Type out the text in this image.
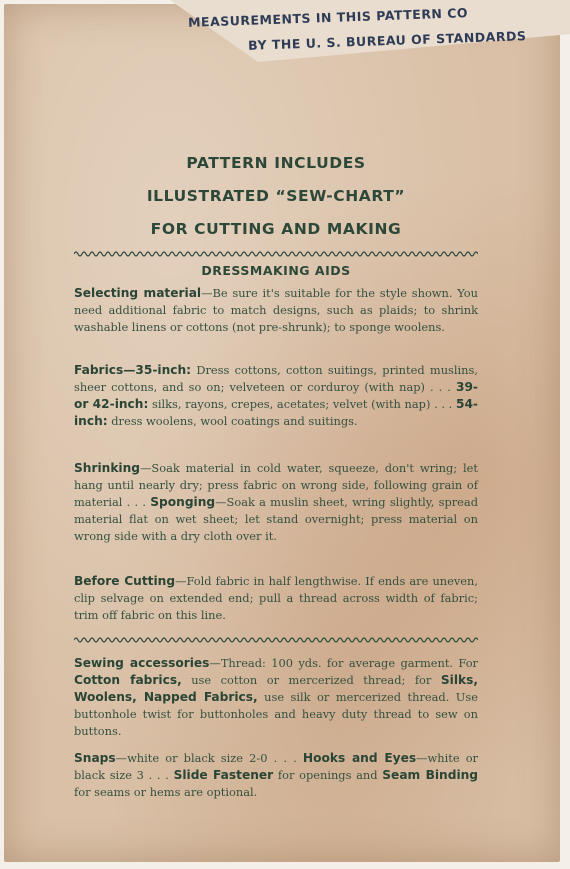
MEASUREMENTS IN THIS PATTERN CO
BY THE U. S. BUREAU OF STANDARDS
PATTERN INCLUDES
ILLUSTRATED “SEW-CHART”
FOR CUTTING AND MAKING
DRESSMAKING AIDS
Selecting material—Be sure it's suitable for the style shown. You need additional fabric to match designs, such as plaids; to shrink washable linens or cottons (not pre-shrunk); to sponge woolens.
Fabrics—35-inch: Dress cottons, cotton suitings, printed muslins, sheer cottons, and so on; velveteen or corduroy (with nap) . . . 39- or 42-inch: silks, rayons, crepes, acetates; velvet (with nap) . . . 54-inch: dress woolens, wool coatings and suitings.
Shrinking—Soak material in cold water, squeeze, don't wring; let hang until nearly dry; press fabric on wrong side, following grain of material . . . Sponging—Soak a muslin sheet, wring slightly, spread material flat on wet sheet; let stand overnight; press material on wrong side with a dry cloth over it.
Before Cutting—Fold fabric in half lengthwise. If ends are uneven, clip selvage on extended end; pull a thread across width of fabric; trim off fabric on this line.
Sewing accessories—Thread: 100 yds. for average garment. For Cotton fabrics, use cotton or mercerized thread; for Silks, Woolens, Napped Fabrics, use silk or mercerized thread. Use buttonhole twist for buttonholes and heavy duty thread to sew on buttons.
Snaps—white or black size 2-0 . . . Hooks and Eyes—white or black size 3 . . . Slide Fastener for openings and Seam Binding for seams or hems are optional.
